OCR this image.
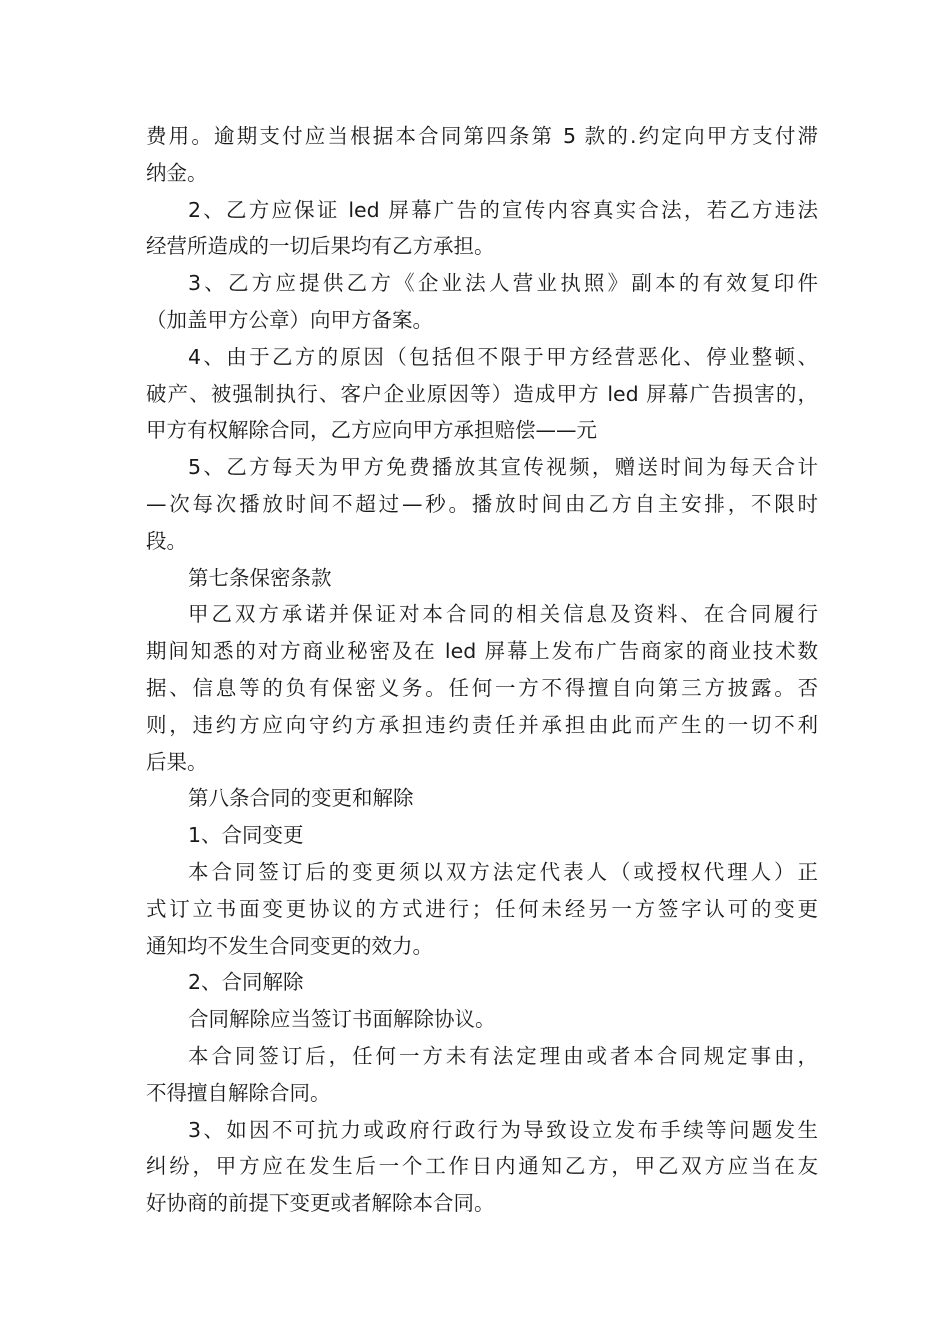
费用。逾期支付应当根据本合同第四条第 5 款的.约定向甲方支付滞
纳金。

2、乙方应保证 led 屏幕广告的宣传内容真实合法，若乙方违法
经营所造成的一切后果均有乙方承担。

3、乙方应提供乙方《企业法人营业执照》副本的有效复印件
（加盖甲方公章）向甲方备案。

4、由于乙方的原因（包括但不限于甲方经营恶化、停业整顿、
破产、被强制执行、客户企业原因等）造成甲方 led 屏幕广告损害的，
甲方有权解除合同，乙方应向甲方承担赔偿——元

5、乙方每天为甲方免费播放其宣传视频，赠送时间为每天合计
—次每次播放时间不超过—秒。播放时间由乙方自主安排，不限时
段。

第七条保密条款

甲乙双方承诺并保证对本合同的相关信息及资料、在合同履行
期间知悉的对方商业秘密及在 led 屏幕上发布广告商家的商业技术数
据、信息等的负有保密义务。任何一方不得擅自向第三方披露。否
则，违约方应向守约方承担违约责任并承担由此而产生的一切不利
后果。

第八条合同的变更和解除

1、合同变更

本合同签订后的变更须以双方法定代表人（或授权代理人）正
式订立书面变更协议的方式进行；任何未经另一方签字认可的变更
通知均不发生合同变更的效力。

2、合同解除

合同解除应当签订书面解除协议。

本合同签订后，任何一方未有法定理由或者本合同规定事由，
不得擅自解除合同。

3、如因不可抗力或政府行政行为导致设立发布手续等问题发生
纠纷，甲方应在发生后一个工作日内通知乙方，甲乙双方应当在友
好协商的前提下变更或者解除本合同。
